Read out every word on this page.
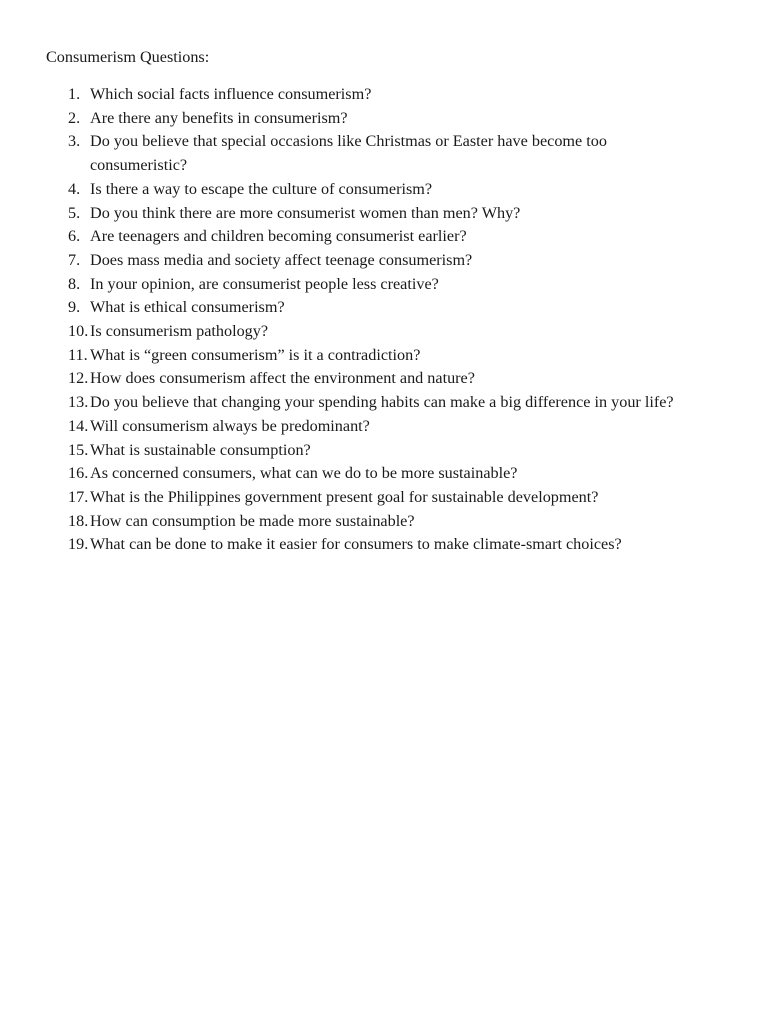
Consumerism Questions:
1. Which social facts influence consumerism?
2. Are there any benefits in consumerism?
3. Do you believe that special occasions like Christmas or Easter have become too consumeristic?
4. Is there a way to escape the culture of consumerism?
5. Do you think there are more consumerist women than men? Why?
6. Are teenagers and children becoming consumerist earlier?
7. Does mass media and society affect teenage consumerism?
8. In your opinion, are consumerist people less creative?
9. What is ethical consumerism?
10. Is consumerism pathology?
11. What is “green consumerism” is it a contradiction?
12. How does consumerism affect the environment and nature?
13. Do you believe that changing your spending habits can make a big difference in your life?
14. Will consumerism always be predominant?
15. What is sustainable consumption?
16. As concerned consumers, what can we do to be more sustainable?
17. What is the Philippines government present goal for sustainable development?
18. How can consumption be made more sustainable?
19. What can be done to make it easier for consumers to make climate-smart choices?
